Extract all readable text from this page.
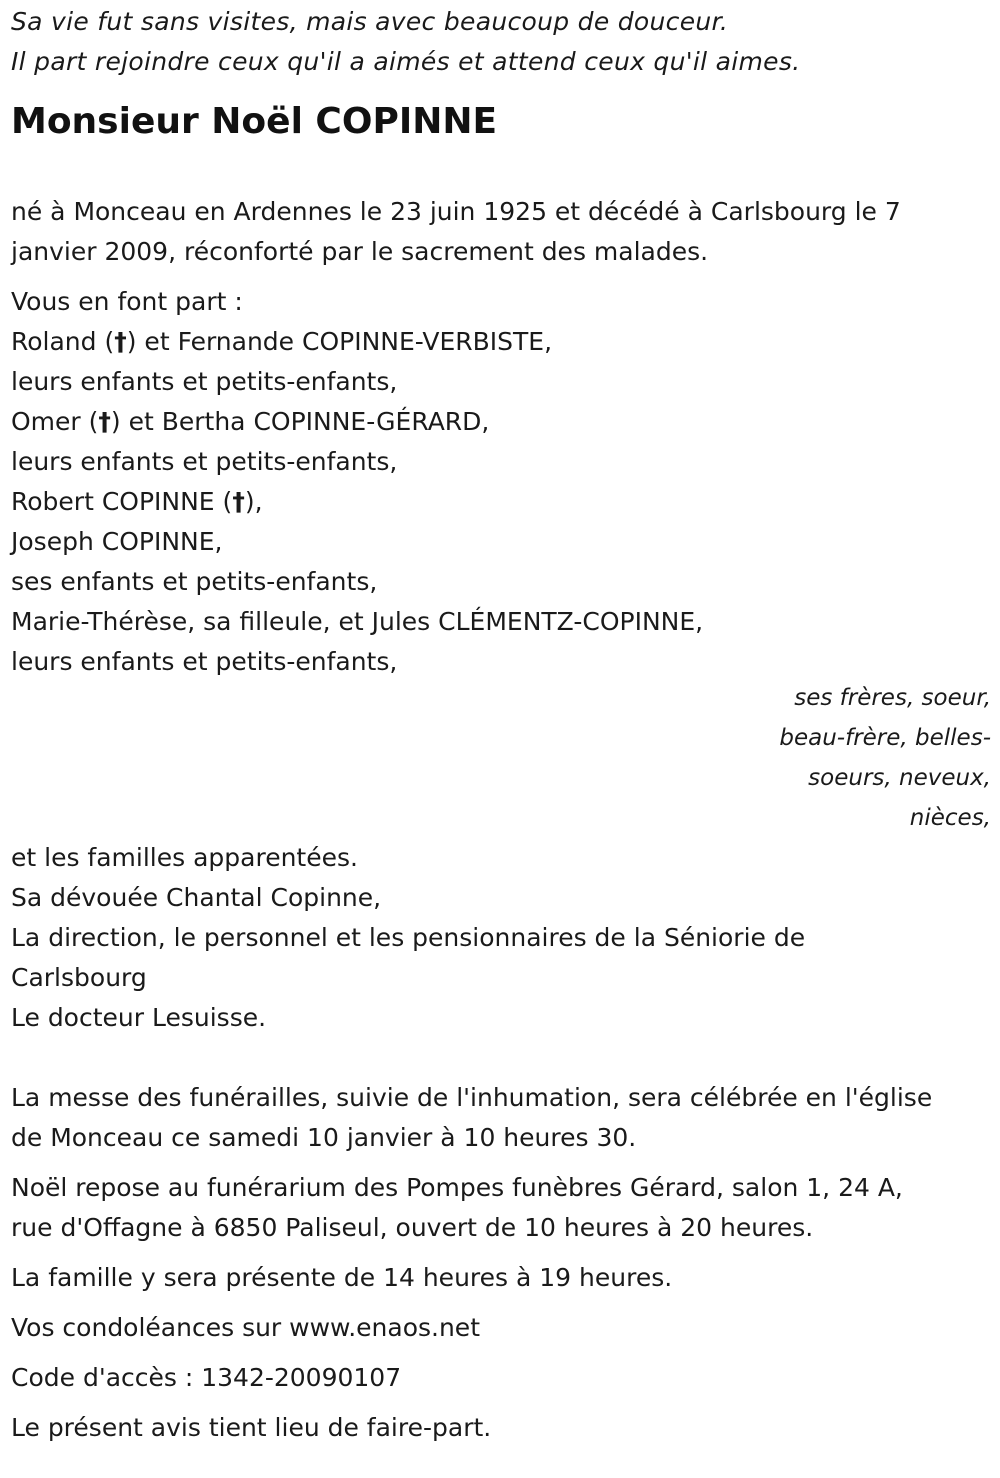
Sa vie fut sans visites, mais avec beaucoup de douceur.
Il part rejoindre ceux qu'il a aimés et attend ceux qu'il aimes.
Monsieur Noël COPINNE
né à Monceau en Ardennes le 23 juin 1925 et décédé à Carlsbourg le 7
janvier 2009, réconforté par le sacrement des malades.
Vous en font part :
Roland (†) et Fernande COPINNE-VERBISTE,
leurs enfants et petits-enfants,
Omer (†) et Bertha COPINNE-GÉRARD,
leurs enfants et petits-enfants,
Robert COPINNE (†),
Joseph COPINNE,
ses enfants et petits-enfants,
Marie-Thérèse, sa filleule, et Jules CLÉMENTZ-COPINNE,
leurs enfants et petits-enfants,
ses frères, soeur,
beau-frère, belles-
soeurs, neveux,
nièces,
et les familles apparentées.
Sa dévouée Chantal Copinne,
La direction, le personnel et les pensionnaires de la Séniorie de
Carlsbourg
Le docteur Lesuisse.
La messe des funérailles, suivie de l'inhumation, sera célébrée en l'église
de Monceau ce samedi 10 janvier à 10 heures 30.
Noël repose au funérarium des Pompes funèbres Gérard, salon 1, 24 A,
rue d'Offagne à 6850 Paliseul, ouvert de 10 heures à 20 heures.
La famille y sera présente de 14 heures à 19 heures.
Vos condoléances sur www.enaos.net
Code d'accès : 1342-20090107
Le présent avis tient lieu de faire-part.
